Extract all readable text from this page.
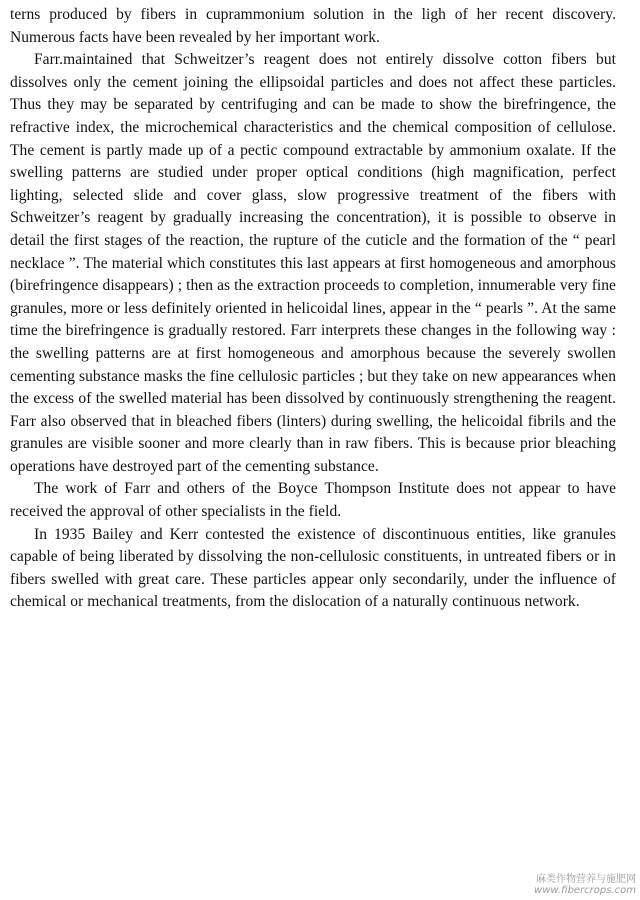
terns produced by fibers in cuprammonium solution in the ligh of her recent discovery. Numerous facts have been revealed by her important work.

Farr.maintained that Schweitzer’s reagent does not entirely dissolve cotton fibers but dissolves only the cement joining the ellipsoidal particles and does not affect these particles. Thus they may be separated by centrifuging and can be made to show the birefringence, the refractive index, the microchemical characteristics and the chemical composition of cellulose. The cement is partly made up of a pectic compound extractable by ammonium oxalate. If the swelling patterns are studied under proper optical conditions (high magnification, perfect lighting, selected slide and cover glass, slow progressive treatment of the fibers with Schweitzer’s reagent by gradually increasing the concentration), it is possible to observe in detail the first stages of the reaction, the rupture of the cuticle and the formation of the “ pearl necklace ”. The material which constitutes this last appears at first homogeneous and amorphous (birefringence disappears) ; then as the extraction proceeds to completion, innumerable very fine granules, more or less definitely oriented in helicoidal lines, appear in the “ pearls ”. At the same time the birefringence is gradually restored. Farr interprets these changes in the following way : the swelling patterns are at first homogeneous and amorphous because the severely swollen cementing substance masks the fine cellulosic particles ; but they take on new appearances when the excess of the swelled material has been dissolved by continuously strengthening the reagent. Farr also observed that in bleached fibers (linters) during swelling, the helicoidal fibrils and the granules are visible sooner and more clearly than in raw fibers. This is because prior bleaching operations have destroyed part of the cementing substance.

The work of Farr and others of the Boyce Thompson Institute does not appear to have received the approval of other specialists in the field.

In 1935 Bailey and Kerr contested the existence of discontinuous entities, like granules capable of being liberated by dissolving the non-cellulosic constituents, in untreated fibers or in fibers swelled with great care. These particles appear only secondarily, under the influence of chemical or mechanical treatments, from the dislocation of a naturally continuous network.

麻类作物营养与施肥网
www.fibercrops.com
